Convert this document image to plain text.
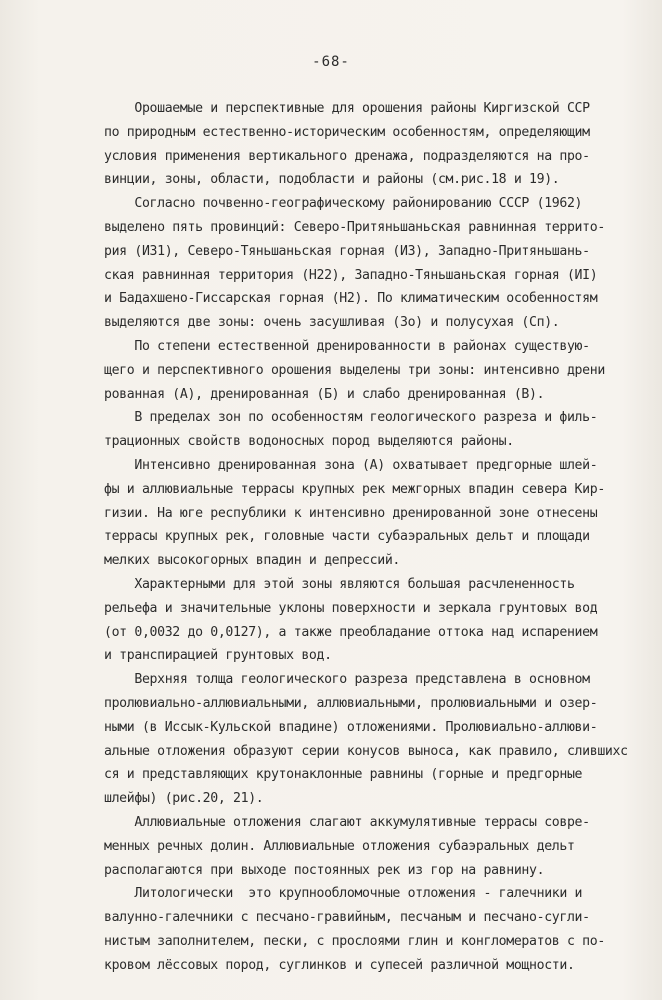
-68-
Орошаемые и перспективные для орошения районы Киргизской ССР
по природным естественно-историческим особенностям, определяющим
условия применения вертикального дренажа, подразделяются на про-
винции, зоны, области, подобласти и районы (см.рис.18 и 19).
Согласно почвенно-географическому районированию СССР (1962)
выделено пять провинций: Северо-Притяньшаньская равнинная террито-
рия (ИЗ1), Северо-Тяньшаньская горная (ИЗ), Западно-Притяньшань-
ская равнинная территория (Н22), Западно-Тяньшаньская горная (ИI)
и Бадахшено-Гиссарская горная (Н2). По климатическим особенностям
выделяются две зоны: очень засушливая (Зо) и полусухая (Сп).
По степени естественной дренированности в районах существую-
щего и перспективного орошения выделены три зоны: интенсивно дрени
рованная (А), дренированная (Б) и слабо дренированная (В).
В пределах зон по особенностям геологического разреза и филь-
трационных свойств водоносных пород выделяются районы.
Интенсивно дренированная зона (А) охватывает предгорные шлей-
фы и аллювиальные террасы крупных рек межгорных впадин севера Кир-
гизии. На юге республики к интенсивно дренированной зоне отнесены
террасы крупных рек, головные части субаэральных дельт и площади
мелких высокогорных впадин и депрессий.
Характерными для этой зоны являются большая расчлененность
рельефа и значительные уклоны поверхности и зеркала грунтовых вод
(от 0,0032 до 0,0127), а также преобладание оттока над испарением
и транспирацией грунтовых вод.
Верхняя толща геологического разреза представлена в основном
пролювиально-аллювиальными, аллювиальными, пролювиальными и озер-
ными (в Иссык-Кульской впадине) отложениями. Пролювиально-аллюви-
альные отложения образуют серии конусов выноса, как правило, слившихс
ся и представляющих крутонаклонные равнины (горные и предгорные
шлейфы) (рис.20, 21).
Аллювиальные отложения слагают аккумулятивные террасы совре-
менных речных долин. Аллювиальные отложения субаэральных дельт
располагаются при выходе постоянных рек из гор на равнину.
Литологически  это крупнообломочные отложения - галечники и
валунно-галечники с песчано-гравийным, песчаным и песчано-сугли-
нистым заполнителем, пески, с прослоями глин и конгломератов с по-
кровом лёссовых пород, суглинков и супесей различной мощности.
